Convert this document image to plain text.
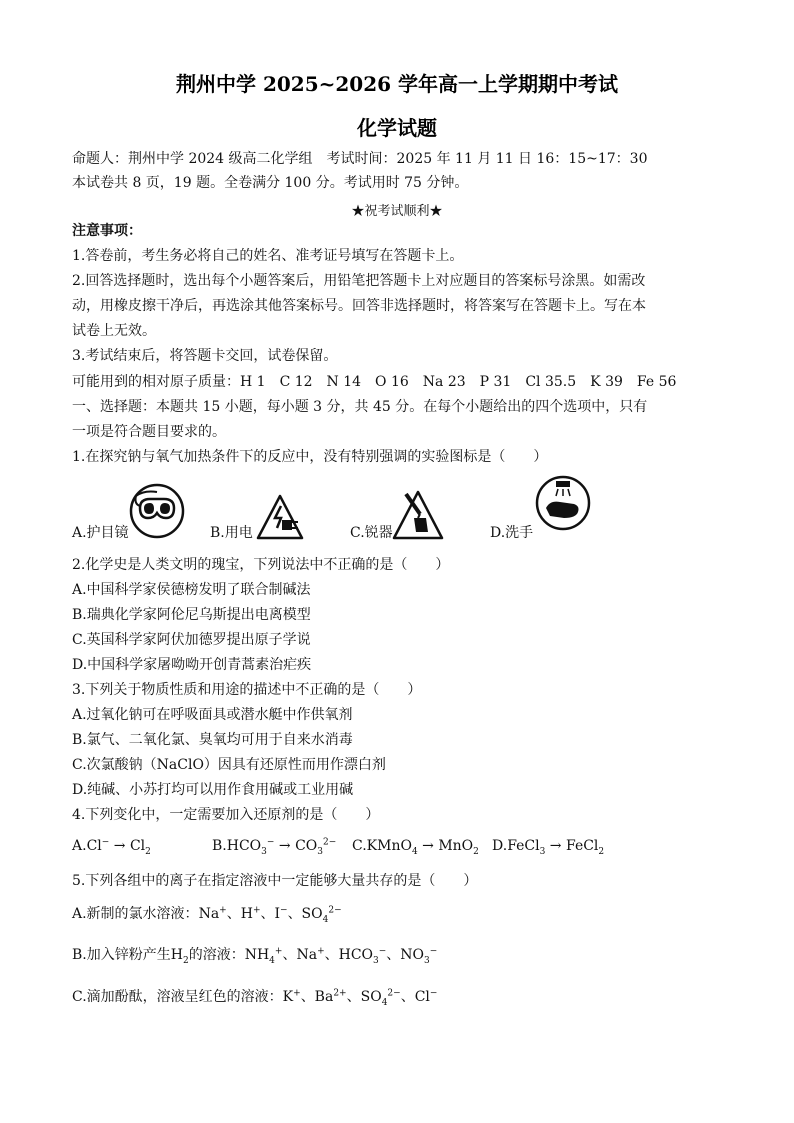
荆州中学 2025~2026 学年高一上学期期中考试
化学试题
命题人：荆州中学 2024 级高二化学组　考试时间：2025 年 11 月 11 日 16：15~17：30
本试卷共 8 页，19 题。全卷满分 100 分。考试用时 75 分钟。
★祝考试顺利★
注意事项：
1.答卷前，考生务必将自己的姓名、准考证号填写在答题卡上。
2.回答选择题时，选出每个小题答案后，用铅笔把答题卡上对应题目的答案标号涂黑。如需改
动，用橡皮擦干净后，再选涂其他答案标号。回答非选择题时，将答案写在答题卡上。写在本
试卷上无效。
3.考试结束后，将答题卡交回，试卷保留。
可能用到的相对原子质量：H 1　C 12　N 14　O 16　Na 23　P 31　Cl 35.5　K 39　Fe 56
一、选择题：本题共 15 小题，每小题 3 分，共 45 分。在每个小题给出的四个选项中，只有
一项是符合题目要求的。
1.在探究钠与氧气加热条件下的反应中，没有特别强调的实验图标是（　　）
A.护目镜	B.用电	C.锐器	D.洗手
2.化学史是人类文明的瑰宝，下列说法中不正确的是（　　）
A.中国科学家侯德榜发明了联合制碱法
B.瑞典化学家阿伦尼乌斯提出电离模型
C.英国科学家阿伏加德罗提出原子学说
D.中国科学家屠呦呦开创青蒿素治疟疾
3.下列关于物质性质和用途的描述中不正确的是（　　）
A.过氧化钠可在呼吸面具或潜水艇中作供氧剂
B.氯气、二氧化氯、臭氧均可用于自来水消毒
C.次氯酸钠（NaClO）因具有还原性而用作漂白剂
D.纯碱、小苏打均可以用作食用碱或工业用碱
4.下列变化中，一定需要加入还原剂的是（　　）
$A.Cl^- \to Cl_2$	$B.HCO_3^- \to CO_3^{2-}$ C.KMnO$_4$ → MnO$_2$ D.FeCl$_3$ → FeCl$_2$
5.下列各组中的离子在指定溶液中一定能够大量共存的是（　　）
A.新制的氯水溶液：Na+、H+、I−、$SO_4^{2-}$
B.加入锌粉产生$H_2$的溶液：$NH_4^+$、Na+、$HCO_3^-$、$NO_3^-$
C.滴加酚酞，溶液呈红色的溶液：K+、$Ba^{2+}$、$SO_4^{2-}$、Cl−
